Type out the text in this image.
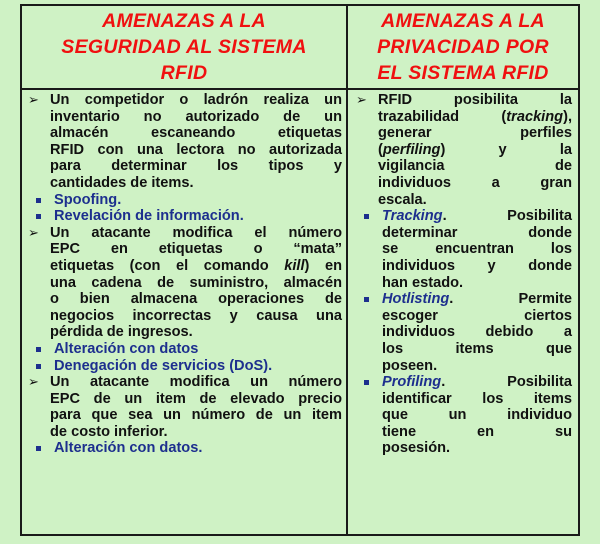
AMENAZAS A LA
SEGURIDAD AL SISTEMA
RFID
AMENAZAS A LA
PRIVACIDAD POR
EL SISTEMA RFID
➢ Un competidor o ladrón realiza un
inventario no autorizado de un
almacén escaneando etiquetas
RFID con una lectora no autorizada
para determinar los tipos y
cantidades de items.
Spoofing.
Revelación de información.
➢ Un atacante modifica el número
EPC en etiquetas o “mata”
etiquetas (con el comando kill) en
una cadena de suministro, almacén
o bien almacena operaciones de
negocios incorrectas y causa una
pérdida de ingresos.
Alteración con datos
Denegación de servicios (DoS).
➢ Un atacante modifica un número
EPC de un item de elevado precio
para que sea un número de un item
de costo inferior.
Alteración con datos.
➢ RFID posibilita la
trazabilidad (tracking),
generar perfiles
(perfiling) y la
vigilancia de
individuos a gran
escala.
Tracking. Posibilita
determinar donde
se encuentran los
individuos y donde
han estado.
Hotlisting. Permite
escoger ciertos
individuos debido a
los items que
poseen.
Profiling. Posibilita
identificar los items
que un individuo
tiene en su
posesión.
